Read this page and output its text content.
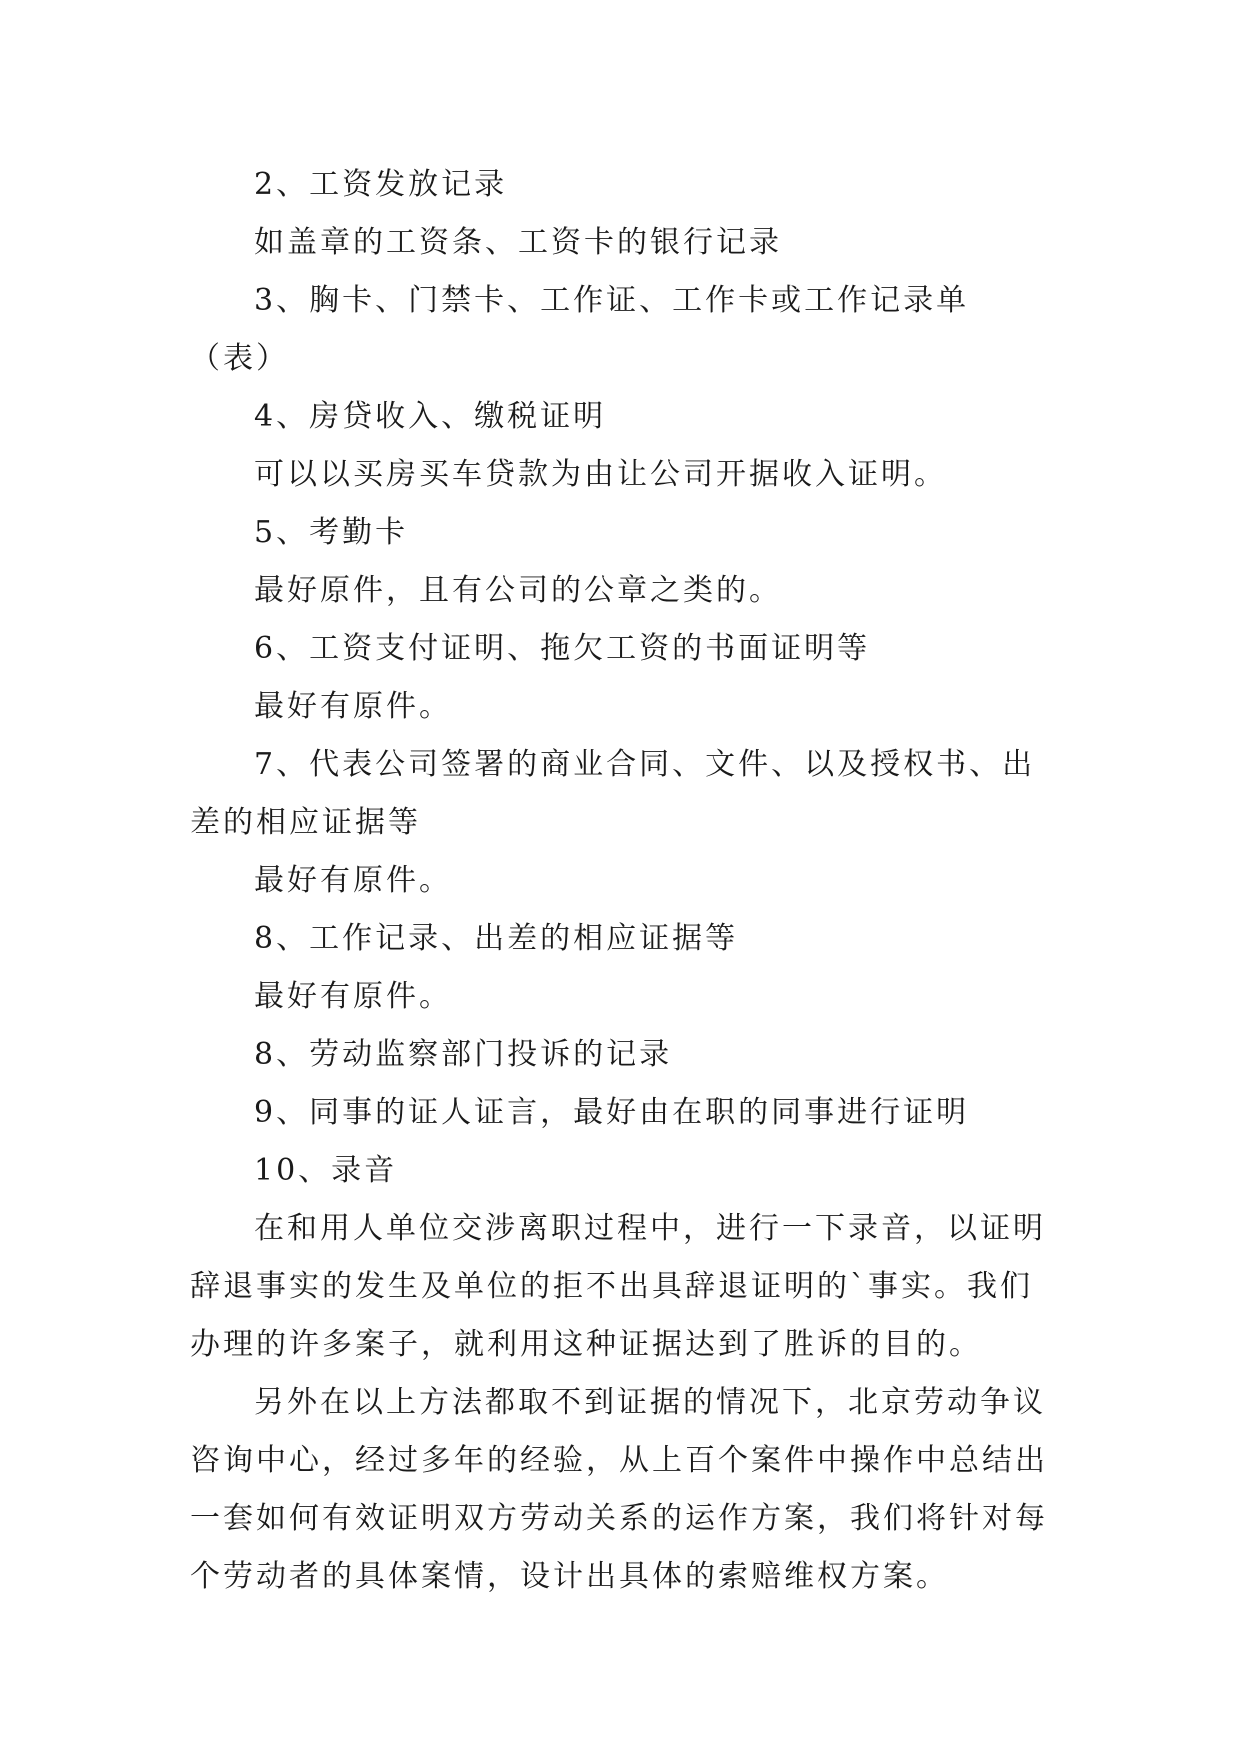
2、工资发放记录

如盖章的工资条、工资卡的银行记录

3、胸卡、门禁卡、工作证、工作卡或工作记录单（表）

4、房贷收入、缴税证明

可以以买房买车贷款为由让公司开据收入证明。

5、考勤卡

最好原件，且有公司的公章之类的。

6、工资支付证明、拖欠工资的书面证明等

最好有原件。

7、代表公司签署的商业合同、文件、以及授权书、出差的相应证据等

最好有原件。

8、工作记录、出差的相应证据等

最好有原件。

8、劳动监察部门投诉的记录

9、同事的证人证言，最好由在职的同事进行证明

10、录音

在和用人单位交涉离职过程中，进行一下录音，以证明辞退事实的发生及单位的拒不出具辞退证明的`事实。我们办理的许多案子，就利用这种证据达到了胜诉的目的。

另外在以上方法都取不到证据的情况下，北京劳动争议咨询中心，经过多年的经验，从上百个案件中操作中总结出一套如何有效证明双方劳动关系的运作方案，我们将针对每个劳动者的具体案情，设计出具体的索赔维权方案。
